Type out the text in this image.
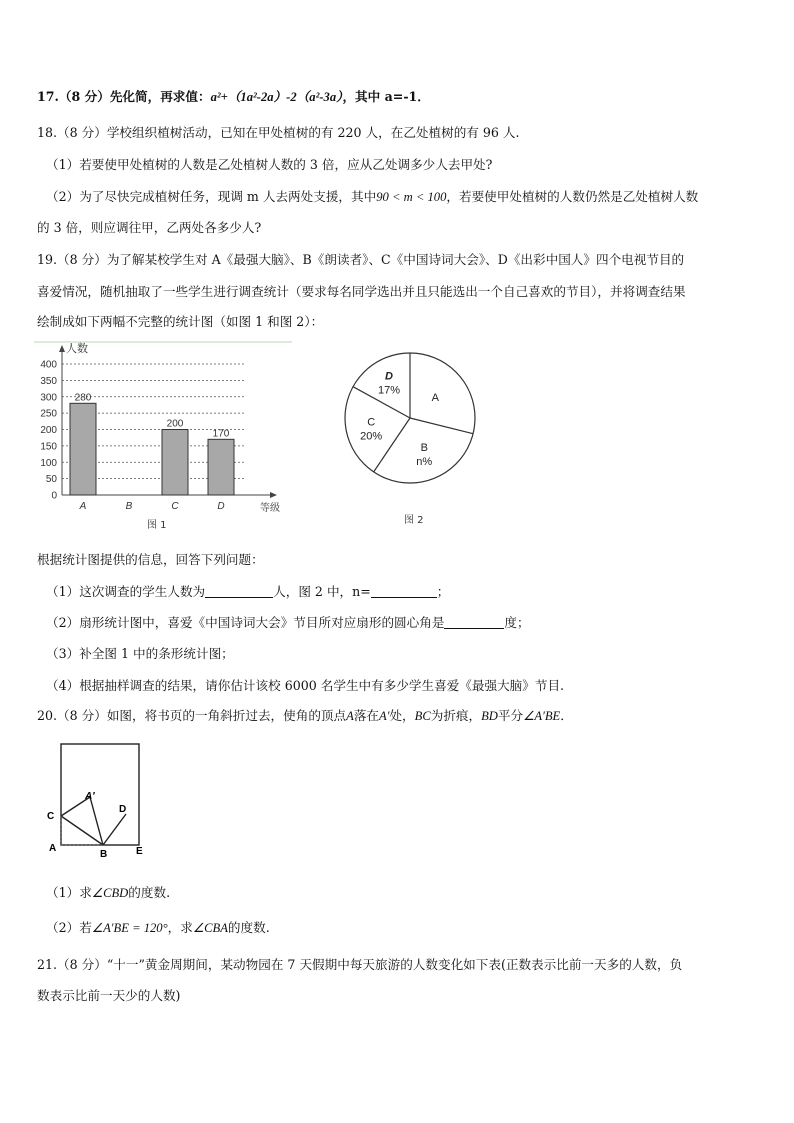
17.（8 分）先化简，再求值：a²+（1a²-2a）-2（a²-3a），其中 a=-1．
18.（8 分）学校组织植树活动，已知在甲处植树的有 220 人，在乙处植树的有 96 人.
（1）若要使甲处植树的人数是乙处植树人数的 3 倍，应从乙处调多少人去甲处?
（2）为了尽快完成植树任务，现调 m 人去两处支援，其中90 < m < 100，若要使甲处植树的人数仍然是乙处植树人数
的 3 倍，则应调往甲，乙两处各多少人?
19.（8 分）为了解某校学生对 A《最强大脑》、B《朗读者》、C《中国诗词大会》、D《出彩中国人》四个电视节目的
喜爱情况，随机抽取了一些学生进行调查统计（要求每名同学选出并且只能选出一个自己喜欢的节目），并将调查结果
绘制成如下两幅不完整的统计图（如图 1 和图 2）：
0
50
100
150
200
250
300
350
400
人数
等级
280
A	B
200
C
170
D
图 1
A
B
n%
C
20%
D
17%
图 2
根据统计图提供的信息，回答下列问题：
（1）这次调查的学生人数为	人，图 2 中，n=	；
（2）扇形统计图中，喜爱《中国诗词大会》节目所对应扇形的圆心角是	度；
（3）补全图 1 中的条形统计图；
（4）根据抽样调查的结果，请你估计该校 6000 名学生中有多少学生喜爱《最强大脑》节目.
20.（8 分）如图，将书页的一角斜折过去，使角的顶点A落在A′处，BC为折痕，BD平分∠A′BE．
C
A
A′
D
B	E
（1）求∠CBD的度数.
（2）若∠A′BE = 120°，求∠CBA的度数.
21.（8 分）“十一”黄金周期间，某动物园在 7 天假期中每天旅游的人数变化如下表(正数表示比前一天多的人数，负
数表示比前一天少的人数)
